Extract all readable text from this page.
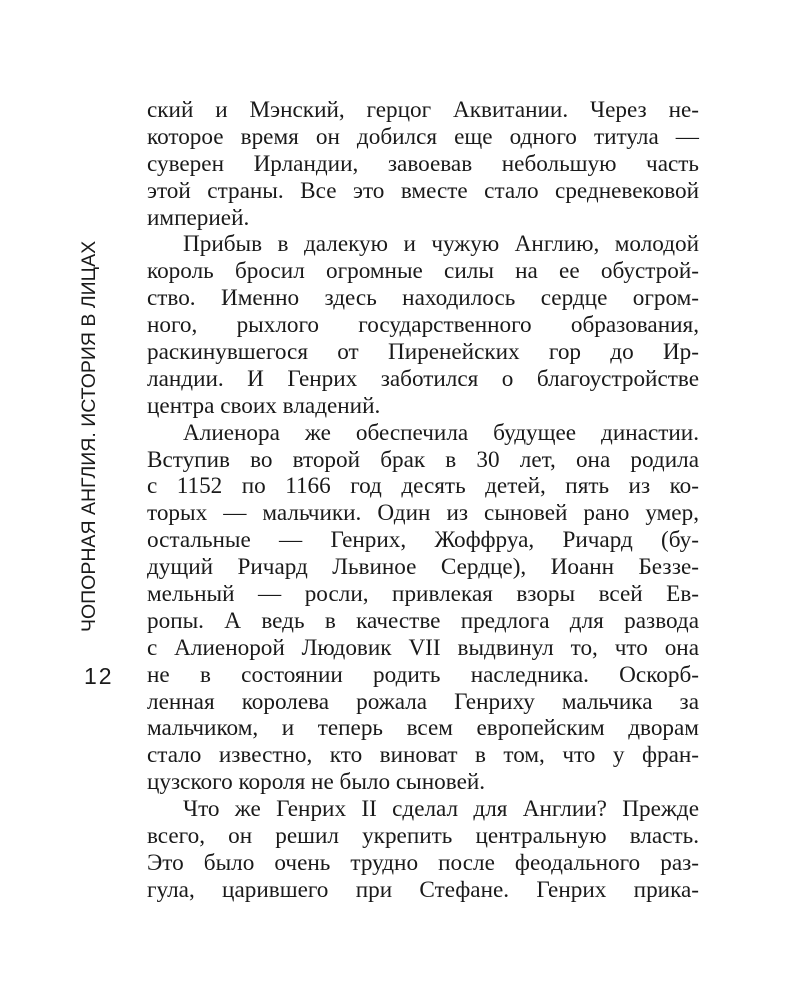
ЧОПОРНАЯ АНГЛИЯ. ИСТОРИЯ В ЛИЦАХ
12
ский и Мэнский, герцог Аквитании. Через не-
которое время он добился еще одного титула —
суверен Ирландии, завоевав небольшую часть
этой страны. Все это вместе стало средневековой
империей.
Прибыв в далекую и чужую Англию, молодой
король бросил огромные силы на ее обустрой-
ство. Именно здесь находилось сердце огром-
ного, рыхлого государственного образования,
раскинувшегося от Пиренейских гор до Ир-
ландии. И Генрих заботился о благоустройстве
центра своих владений.
Алиенора же обеспечила будущее династии.
Вступив во второй брак в 30 лет, она родила
с 1152 по 1166 год десять детей, пять из ко-
торых — мальчики. Один из сыновей рано умер,
остальные — Генрих, Жоффруа, Ричард (бу-
дущий Ричард Львиное Сердце), Иоанн Беззе-
мельный — росли, привлекая взоры всей Ев-
ропы. А ведь в качестве предлога для развода
с Алиенорой Людовик VII выдвинул то, что она
не в состоянии родить наследника. Оскорб-
ленная королева рожала Генриху мальчика за
мальчиком, и теперь всем европейским дворам
стало известно, кто виноват в том, что у фран-
цузского короля не было сыновей.
Что же Генрих II сделал для Англии? Прежде
всего, он решил укрепить центральную власть.
Это было очень трудно после феодального раз-
гула, царившего при Стефане. Генрих прика-
